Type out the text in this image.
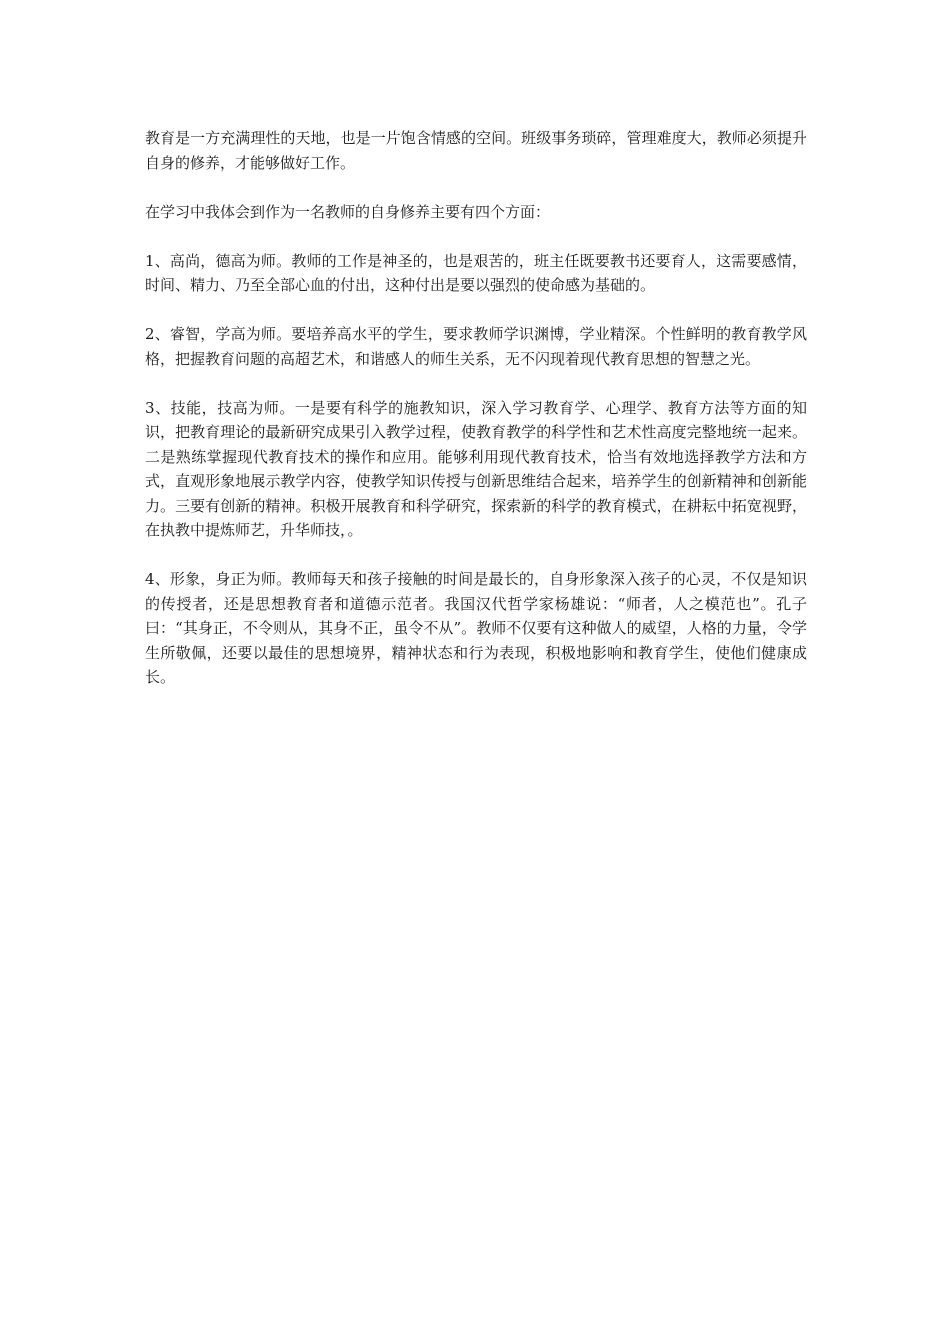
教育是一方充满理性的天地，也是一片饱含情感的空间。班级事务琐碎，管理难度大，教师必须提升自身的修养，才能够做好工作。

在学习中我体会到作为一名教师的自身修养主要有四个方面：

1、高尚，德高为师。教师的工作是神圣的，也是艰苦的，班主任既要教书还要育人，这需要感情，时间、精力、乃至全部心血的付出，这种付出是要以强烈的使命感为基础的。

2、睿智，学高为师。要培养高水平的学生，要求教师学识渊博，学业精深。个性鲜明的教育教学风格，把握教育问题的高超艺术，和谐感人的师生关系，无不闪现着现代教育思想的智慧之光。

3、技能，技高为师。一是要有科学的施教知识，深入学习教育学、心理学、教育方法等方面的知识，把教育理论的最新研究成果引入教学过程，使教育教学的科学性和艺术性高度完整地统一起来。二是熟练掌握现代教育技术的操作和应用。能够利用现代教育技术，恰当有效地选择教学方法和方式，直观形象地展示教学内容，使教学知识传授与创新思维结合起来，培养学生的创新精神和创新能力。三要有创新的精神。积极开展教育和科学研究，探索新的科学的教育模式，在耕耘中拓宽视野，在执教中提炼师艺，升华师技，。

4、形象，身正为师。教师每天和孩子接触的时间是最长的，自身形象深入孩子的心灵，不仅是知识的传授者，还是思想教育者和道德示范者。我国汉代哲学家杨雄说：“师者，人之模范也”。孔子曰：“其身正，不令则从，其身不正，虽令不从”。教师不仅要有这种做人的威望，人格的力量，令学生所敬佩，还要以最佳的思想境界，精神状态和行为表现，积极地影响和教育学生，使他们健康成长。
